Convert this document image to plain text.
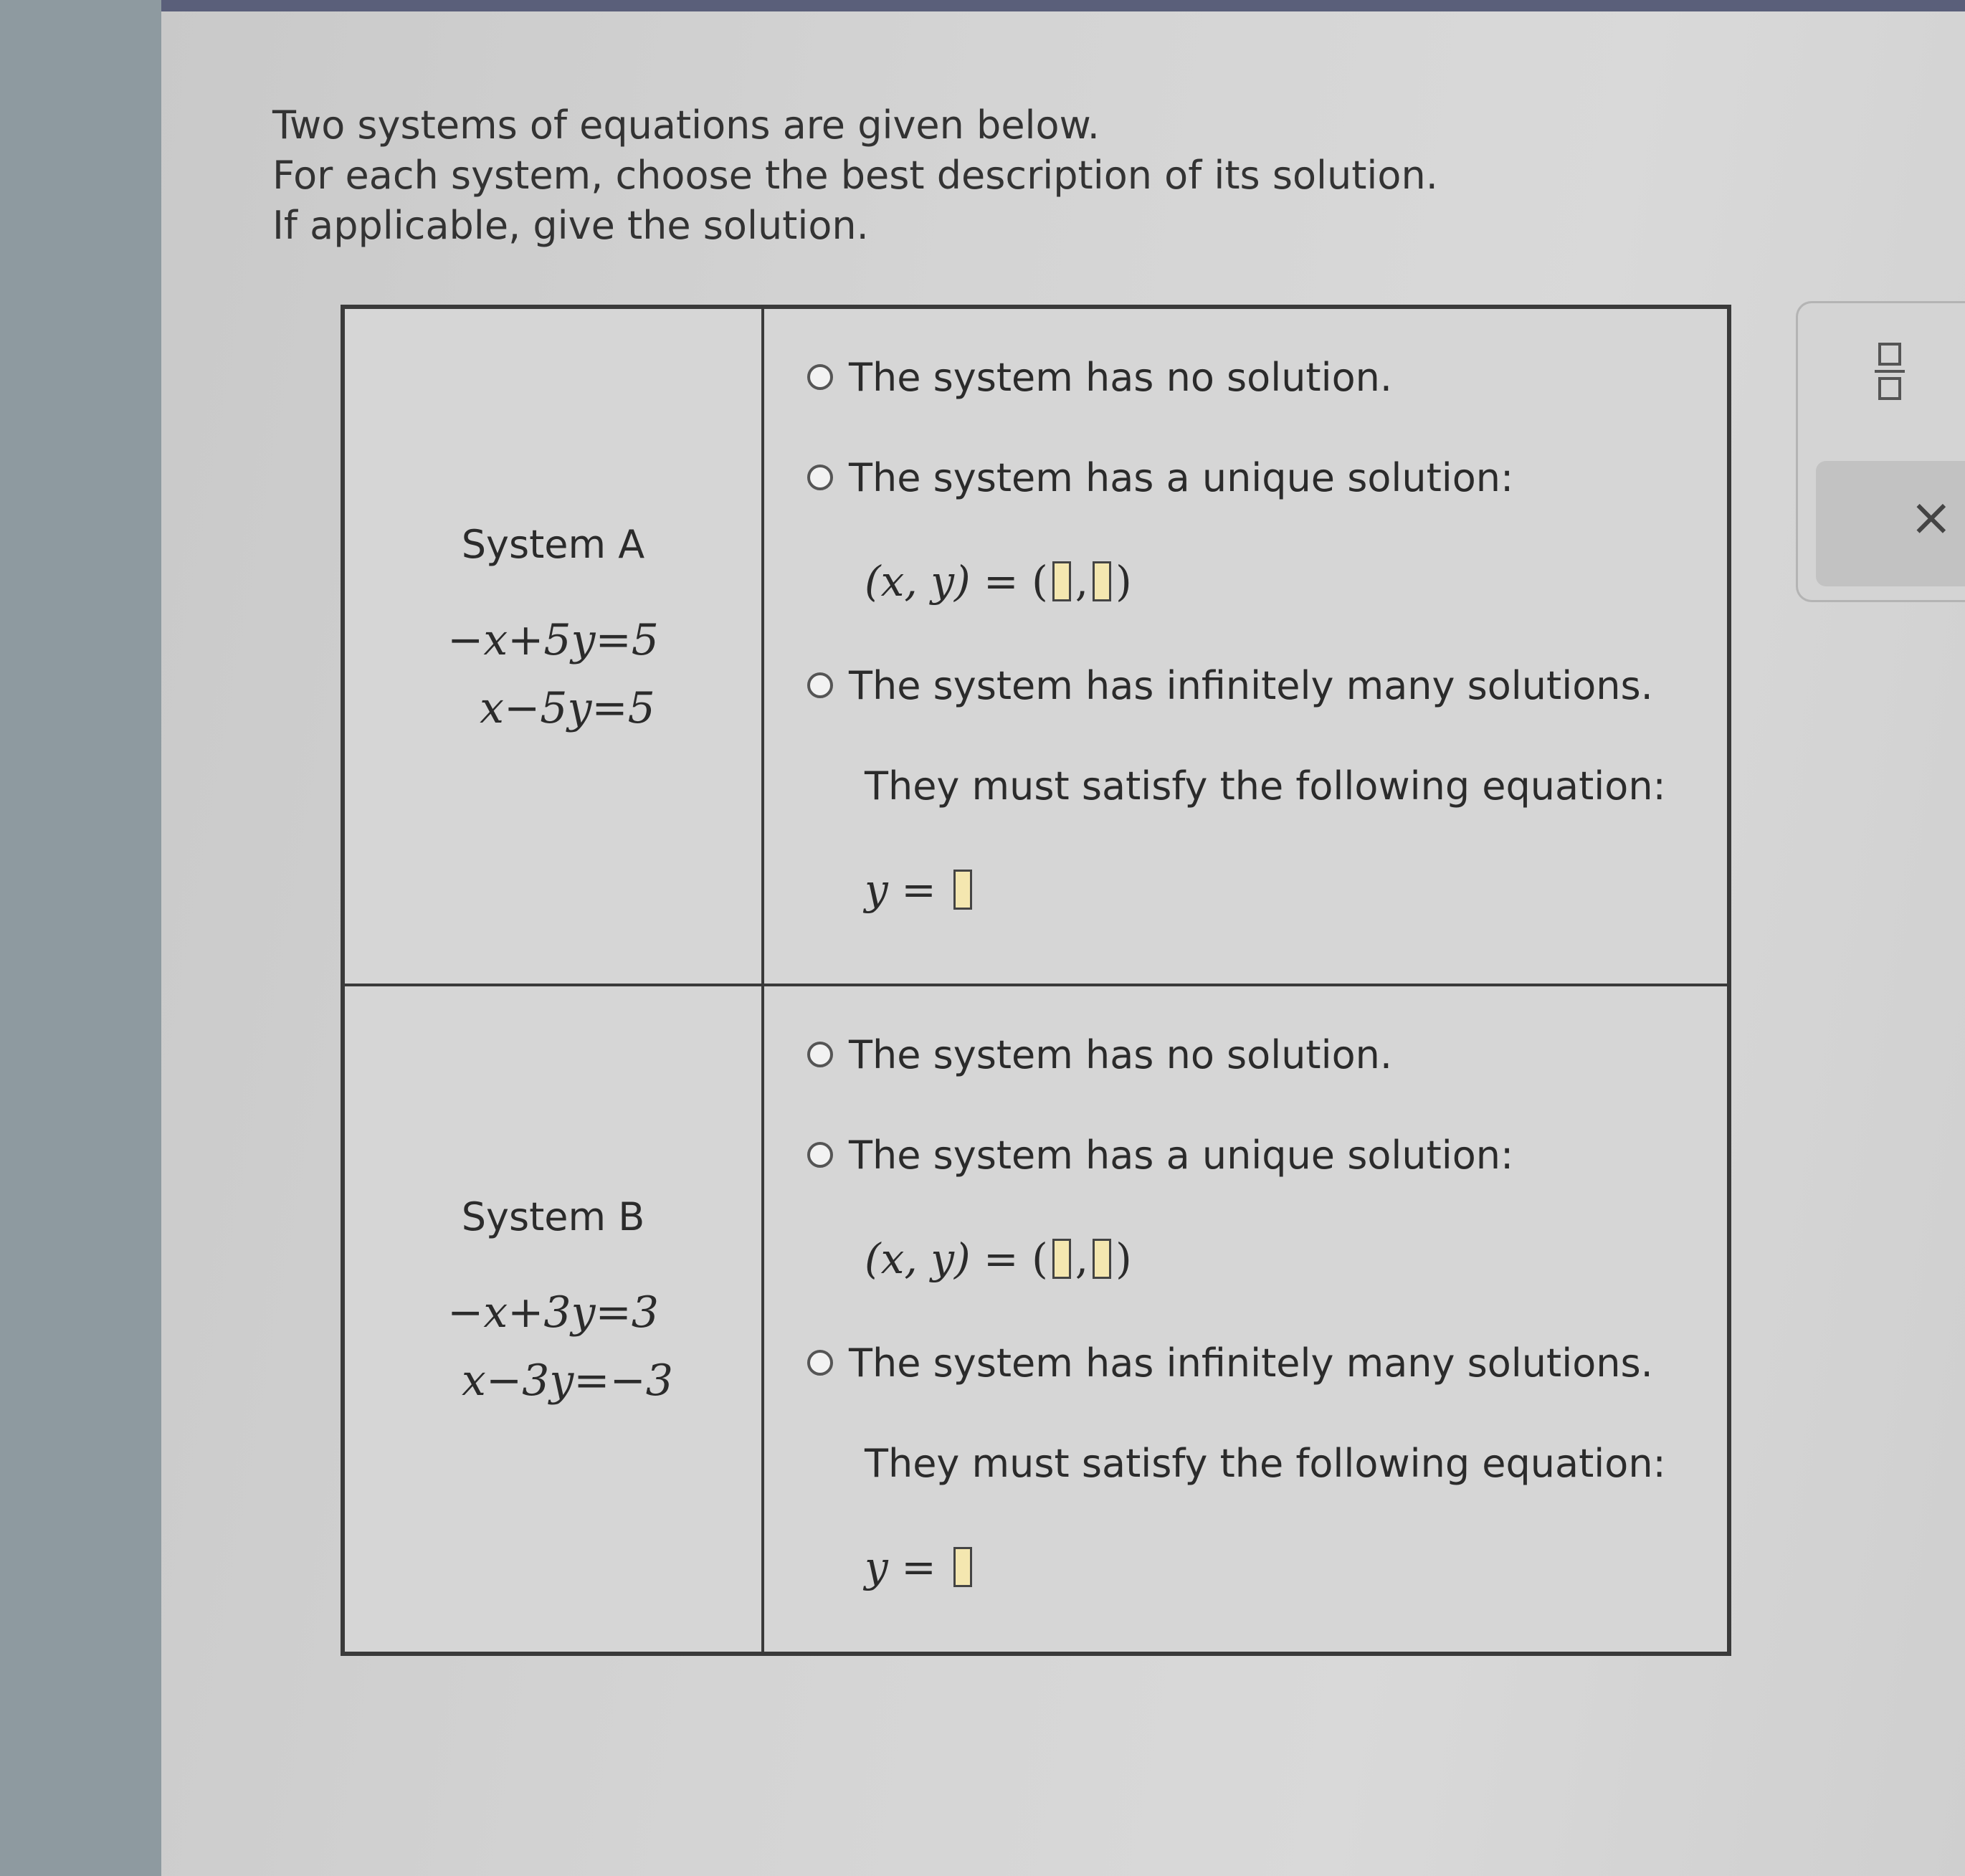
Two systems of equations are given below.
For each system, choose the best description of its solution.
If applicable, give the solution.
System A
−x+5y=5
x−5y=5
The system has no solution.
The system has a unique solution:
(x, y) = ( , )
The system has infinitely many solutions.
They must satisfy the following equation:
y =
System B
−x+3y=3
x−3y=−3
The system has no solution.
The system has a unique solution:
(x, y) = ( , )
The system has infinitely many solutions.
They must satisfy the following equation:
y =
×
